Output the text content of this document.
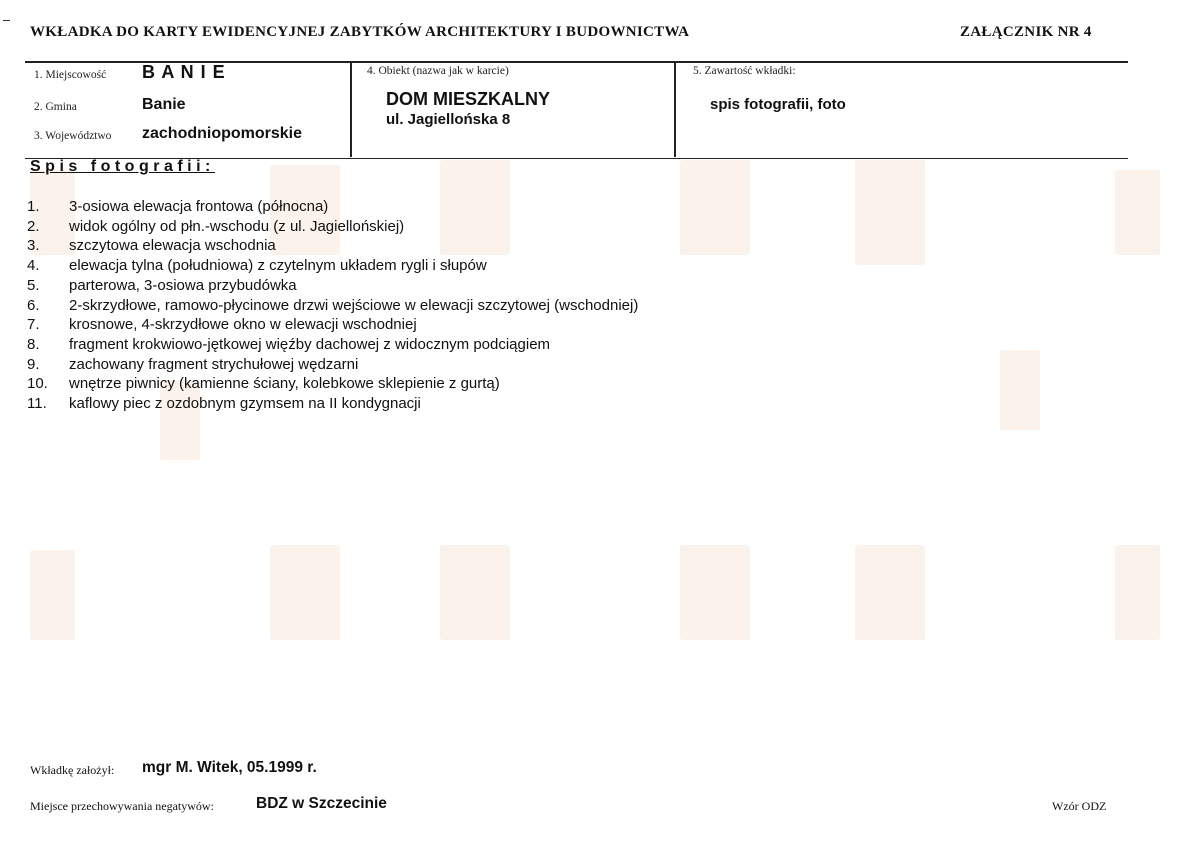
WKŁADKA DO KARTY EWIDENCYJNEJ ZABYTKÓW ARCHITEKTURY I BUDOWNICTWA	ZAŁĄCZNIK NR 4
1. Miejscowość B A N I E
2. Gmina	Banie
3. Województwo zachodniopomorskie
4. Obiekt (nazwa jak w karcie)
DOM MIESZKALNY
ul. Jagiellońska 8
5. Zawartość wkładki:
spis fotografii, foto
Spis fotografii:
1.	3-osiowa elewacja frontowa (północna)
2.	widok ogólny od płn.-wschodu (z ul. Jagiellońskiej)
3.	szczytowa elewacja wschodnia
4.	elewacja tylna (południowa) z czytelnym układem rygli i słupów
5.	parterowa, 3-osiowa przybudówka
6.	2-skrzydłowe, ramowo-płycinowe drzwi wejściowe w elewacji szczytowej (wschodniej)
7.	krosnowe, 4-skrzydłowe okno w elewacji wschodniej
8.	fragment krokwiowo-jętkowej więźby dachowej z widocznym podciągiem
9.	zachowany fragment strychułowej wędzarni
10.	wnętrze piwnicy (kamienne ściany, kolebkowe sklepienie z gurtą)
11.	kaflowy piec z ozdobnym gzymsem na II kondygnacji
Wkładkę założył: mgr M. Witek, 05.1999 r.
Miejsce przechowywania negatywów:	BDZ w Szczecinie	Wzór ODZ
